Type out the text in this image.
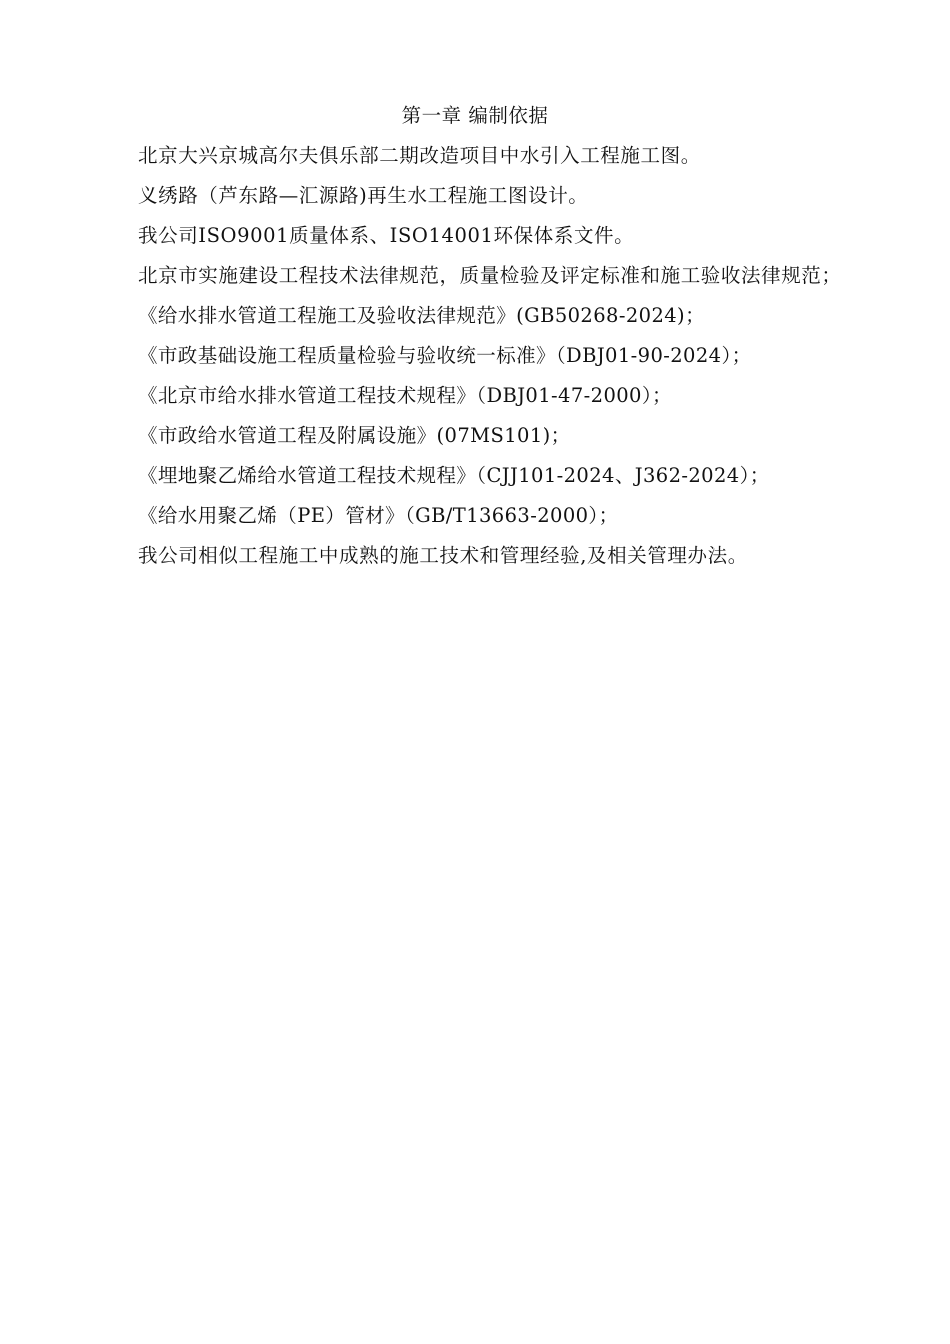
第一章 编制依据

北京大兴京城高尔夫俱乐部二期改造项目中水引入工程施工图。

义绣路（芦东路—汇源路)再生水工程施工图设计。

我公司ISO9001质量体系、ISO14001环保体系文件。

北京市实施建设工程技术法律规范，质量检验及评定标准和施工验收法律规范；

《给水排水管道工程施工及验收法律规范》(GB50268-2024)；

《市政基础设施工程质量检验与验收统一标准》（DBJ01-90-2024）；

《北京市给水排水管道工程技术规程》（DBJ01-47-2000）；

《市政给水管道工程及附属设施》(07MS101)；

《埋地聚乙烯给水管道工程技术规程》（CJJ101-2024、J362-2024）；

《给水用聚乙烯（PE）管材》（GB/T13663-2000）；

我公司相似工程施工中成熟的施工技术和管理经验,及相关管理办法。
